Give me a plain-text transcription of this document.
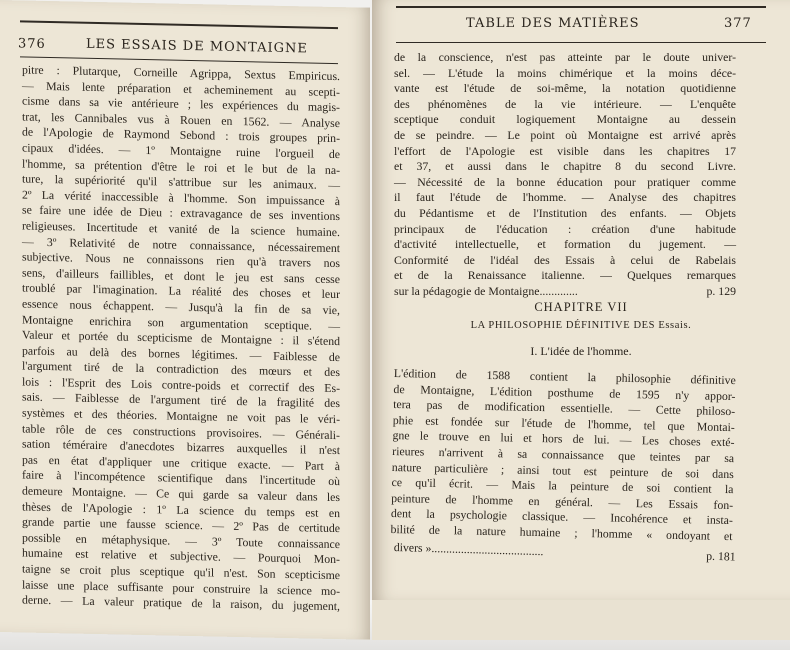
376	LES ESSAIS DE MONTAIGNE
pitre : Plutarque, Corneille Agrippa, Sextus Empiricus.
— Mais lente préparation et acheminement au scepti-
cisme dans sa vie antérieure ; les expériences du magis-
trat, les Cannibales vus à Rouen en 1562. — Analyse
de l'Apologie de Raymond Sebond : trois groupes prin-
cipaux d'idées. — 1º Montaigne ruine l'orgueil de
l'homme, sa prétention d'être le roi et le but de la na-
ture, la supériorité qu'il s'attribue sur les animaux. —
2º La vérité inaccessible à l'homme. Son impuissance à
se faire une idée de Dieu : extravagance de ses inventions
religieuses. Incertitude et vanité de la science humaine.
— 3º Relativité de notre connaissance, nécessairement
subjective. Nous ne connaissons rien qu'à travers nos
sens, d'ailleurs faillibles, et dont le jeu est sans cesse
troublé par l'imagination. La réalité des choses et leur
essence nous échappent. — Jusqu'à la fin de sa vie,
Montaigne enrichira son argumentation sceptique. —
Valeur et portée du scepticisme de Montaigne : il s'étend
parfois au delà des bornes légitimes. — Faiblesse de
l'argument tiré de la contradiction des mœurs et des
lois : l'Esprit des Lois contre-poids et correctif des Es-
sais. — Faiblesse de l'argument tiré de la fragilité des
systèmes et des théories. Montaigne ne voit pas le véri-
table rôle de ces constructions provisoires. — Générali-
sation téméraire d'anecdotes bizarres auxquelles il n'est
pas en état d'appliquer une critique exacte. — Part à
faire à l'incompétence scientifique dans l'incertitude où
demeure Montaigne. — Ce qui garde sa valeur dans les
thèses de l'Apologie : 1º La science du temps est en
grande partie une fausse science. — 2º Pas de certitude
possible en métaphysique. — 3º Toute connaissance
humaine est relative et subjective. — Pourquoi Mon-
taigne se croit plus sceptique qu'il n'est. Son scepticisme
laisse une place suffisante pour construire la science mo-
derne. — La valeur pratique de la raison, du jugement,
TABLE DES MATIÈRES	377
de la conscience, n'est pas atteinte par le doute univer-
sel. — L'étude la moins chimérique et la moins déce-
vante est l'étude de soi-même, la notation quotidienne
des phénomènes de la vie intérieure. — L'enquête
sceptique conduit logiquement Montaigne au dessein
de se peindre. — Le point où Montaigne est arrivé après
l'effort de l'Apologie est visible dans les chapitres 17
et 37, et aussi dans le chapitre 8 du second Livre.
— Nécessité de la bonne éducation pour pratiquer comme
il faut l'étude de l'homme. — Analyse des chapitres
du Pédantisme et de l'Institution des enfants. — Objets
principaux de l'éducation : création d'une habitude
d'activité intellectuelle, et formation du jugement. —
Conformité de l'idéal des Essais à celui de Rabelais
et de la Renaissance italienne. — Quelques remarques
sur la pédagogie de Montaigne.............	p. 129
CHAPITRE VII
LA PHILOSOPHIE DÉFINITIVE DES Essais.
I. L'idée de l'homme.
L'édition de 1588 contient la philosophie définitive
de Montaigne, L'édition posthume de 1595 n'y appor-
tera pas de modification essentielle. — Cette philoso-
phie est fondée sur l'étude de l'homme, tel que Montai-
gne le trouve en lui et hors de lui. — Les choses exté-
rieures n'arrivent à sa connaissance que teintes par sa
nature particulière ; ainsi tout est peinture de soi dans
ce qu'il écrit. — Mais la peinture de soi contient la
peinture de l'homme en général. — Les Essais fon-
dent la psychologie classique. — Incohérence et insta-
bilité de la nature humaine ; l'homme « ondoyant et
divers »......................................	p. 181
